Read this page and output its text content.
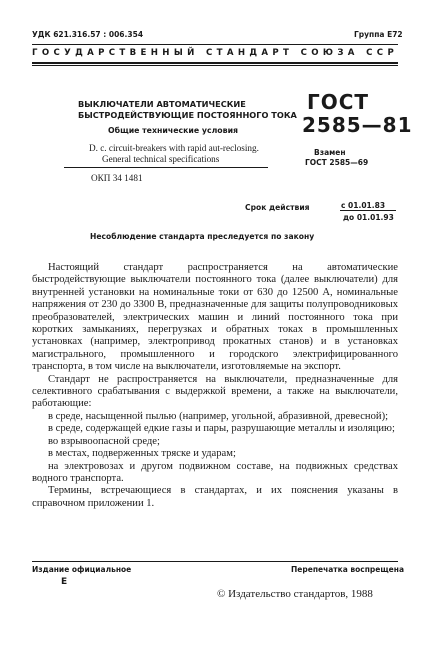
УДК 621.316.57 : 006.354	Группа Е72
ГОСУДАРСТВЕННЫЙ СТАНДАРТ СОЮЗА ССР
ВЫКЛЮЧАТЕЛИ АВТОМАТИЧЕСКИЕ
БЫСТРОДЕЙСТВУЮЩИЕ ПОСТОЯННОГО ТОКА
Общие технические условия
D. c. circuit-breakers with rapid aut-reclosing.
General technical specifications
ОКП 34 1481
ГОСТ
2585—81
Взамен
ГОСТ 2585—69
Срок действия	с 01.01.83
до 01.01.93
Несоблюдение стандарта преследуется по закону

Настоящий стандарт распространяется на автоматические быстродействующие выключатели постоянного тока (далее выключатели) для внутренней установки на номинальные токи от 630 до 12500 А, номинальные напряжения от 230 до 3300 В, предназначенные для защиты полупроводниковых преобразователей, электрических машин и линий постоянного тока при коротких замыканиях, перегрузках и обратных токах в промышленных установках (например, электропривод прокатных станов) и в установках магистрального, промышленного и городского электрифицированного транспорта, в том числе на выключатели, изготовляемые на экспорт.

Стандарт не распространяется на выключатели, предназначенные для селективного срабатывания с выдержкой времени, а также на выключатели, работающие:

в среде, насыщенной пылью (например, угольной, абразивной, древесной);

в среде, содержащей едкие газы и пары, разрушающие металлы и изоляцию;

во взрывоопасной среде;

в местах, подверженных тряске и ударам;

на электровозах и другом подвижном составе, на подвижных средствах водного транспорта.

Термины, встречающиеся в стандартах, и их пояснения указаны в справочном приложении 1.

Издание официальное
Е
Перепечатка воспрещена
© Издательство стандартов, 1988
